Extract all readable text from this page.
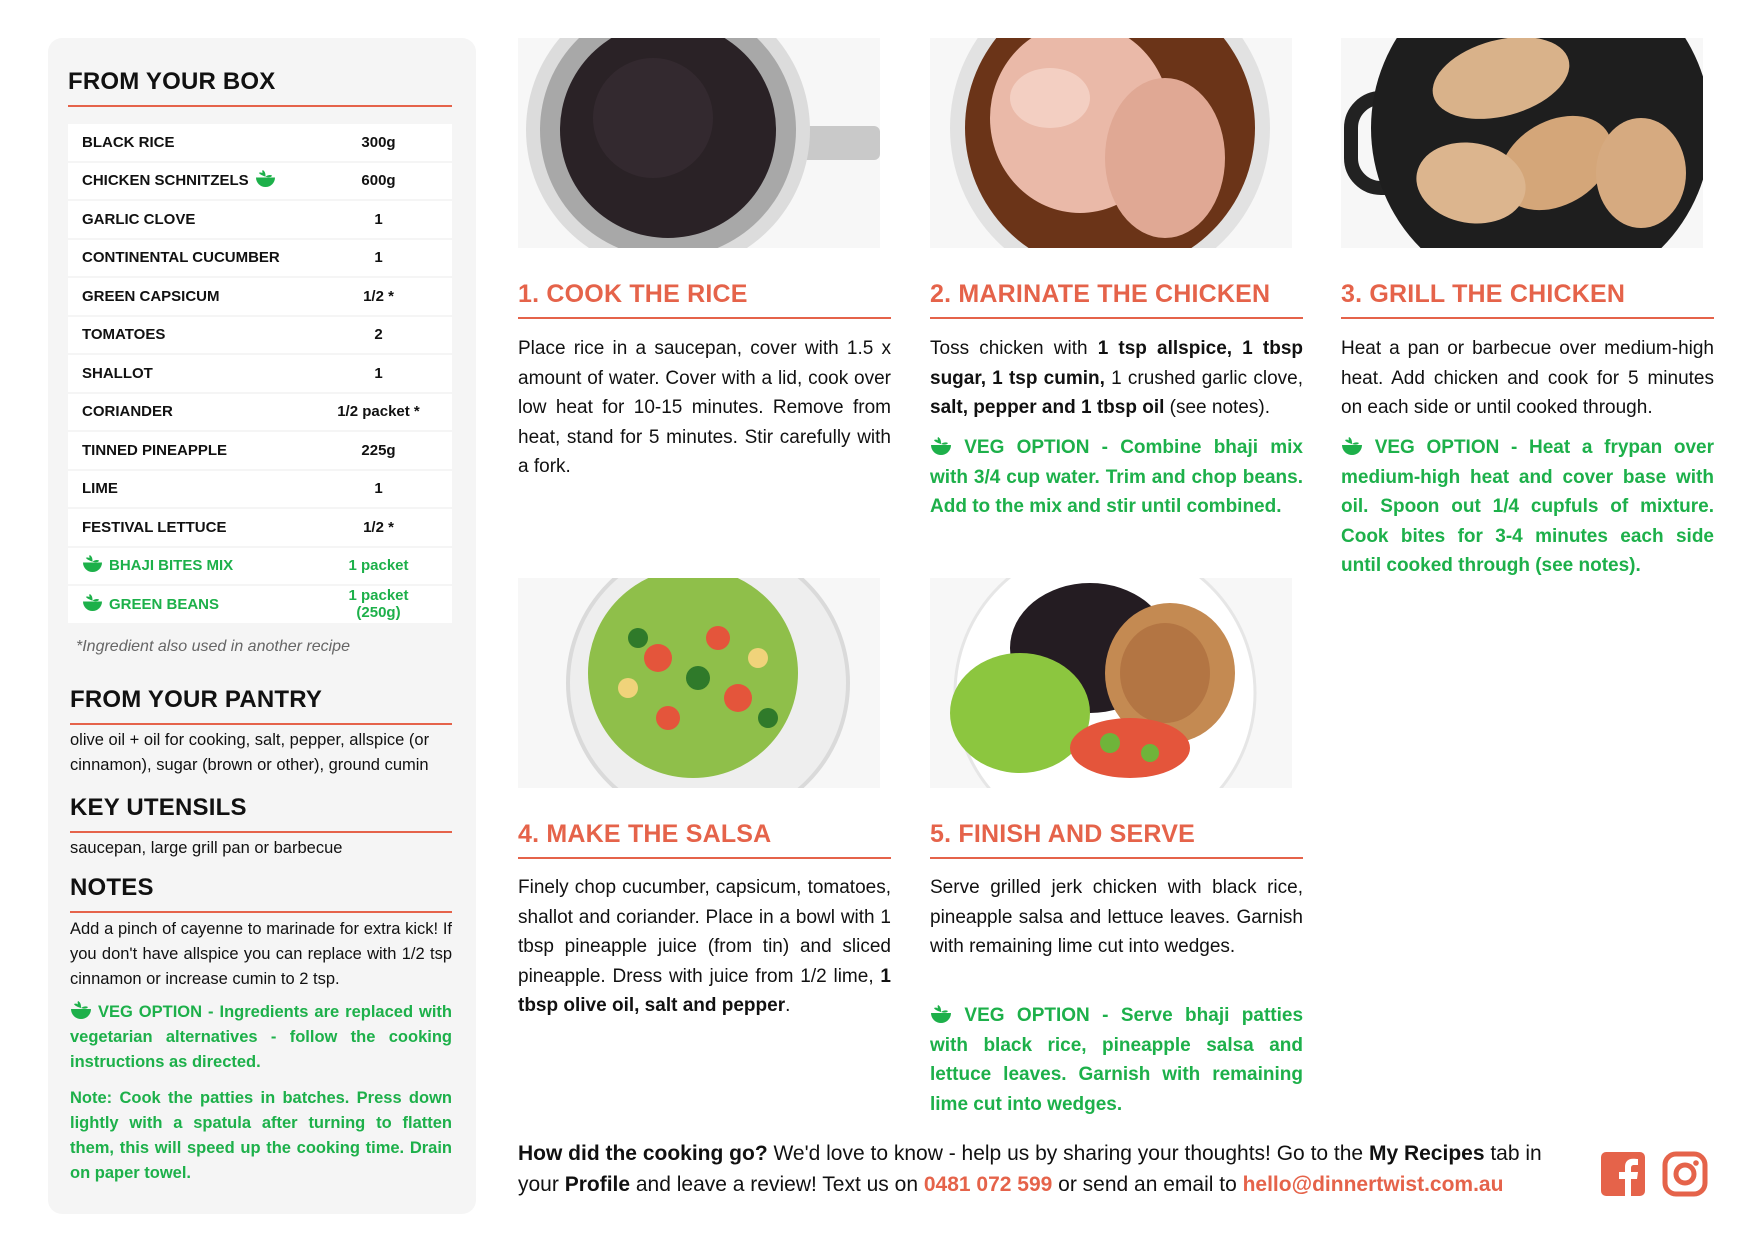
FROM YOUR BOX
BLACK RICE	300g
CHICKEN SCHNITZELS	600g
GARLIC CLOVE	1
CONTINENTAL CUCUMBER	1
GREEN CAPSICUM	1/2 *
TOMATOES	2
SHALLOT	1
CORIANDER	1/2 packet *
TINNED PINEAPPLE	225g
LIME	1
FESTIVAL LETTUCE	1/2 *
BHAJI BITES MIX	1 packet
GREEN BEANS	1 packet (250g)
*Ingredient also used in another recipe
FROM YOUR PANTRY
olive oil + oil for cooking, salt, pepper, allspice (or cinnamon), sugar (brown or other), ground cumin
KEY UTENSILS
saucepan, large grill pan or barbecue
NOTES
Add a pinch of cayenne to marinade for extra kick! If you don't have allspice you can replace with 1/2 tsp cinnamon or increase cumin to 2 tsp.
VEG OPTION - Ingredients are replaced with vegetarian alternatives - follow the cooking instructions as directed.
Note: Cook the patties in batches. Press down lightly with a spatula after turning to flatten them, this will speed up the cooking time. Drain on paper towel.
1. COOK THE RICE	2. MARINATE THE CHICKEN	3. GRILL THE CHICKEN
Place rice in a saucepan, cover with 1.5 x amount of water. Cover with a lid, cook over low heat for 10-15 minutes. Remove from heat, stand for 5 minutes. Stir carefully with a fork.
Toss chicken with 1 tsp allspice, 1 tbsp sugar, 1 tsp cumin, 1 crushed garlic clove, salt, pepper and 1 tbsp oil (see notes).
VEG OPTION - Combine bhaji mix with 3/4 cup water. Trim and chop beans. Add to the mix and stir until combined.
Heat a pan or barbecue over medium-high heat. Add chicken and cook for 5 minutes on each side or until cooked through.
VEG OPTION - Heat a frypan over medium-high heat and cover base with oil. Spoon out 1/4 cupfuls of mixture. Cook bites for 3-4 minutes each side until cooked through (see notes).
4. MAKE THE SALSA	5. FINISH AND SERVE
Finely chop cucumber, capsicum, tomatoes, shallot and coriander. Place in a bowl with 1 tbsp pineapple juice (from tin) and sliced pineapple. Dress with juice from 1/2 lime, 1 tbsp olive oil, salt and pepper.
Serve grilled jerk chicken with black rice, pineapple salsa and lettuce leaves. Garnish with remaining lime cut into wedges.
VEG OPTION - Serve bhaji patties with black rice, pineapple salsa and lettuce leaves. Garnish with remaining lime cut into wedges.
How did the cooking go? We'd love to know - help us by sharing your thoughts! Go to the My Recipes tab in your Profile and leave a review! Text us on 0481 072 599 or send an email to hello@dinnertwist.com.au
